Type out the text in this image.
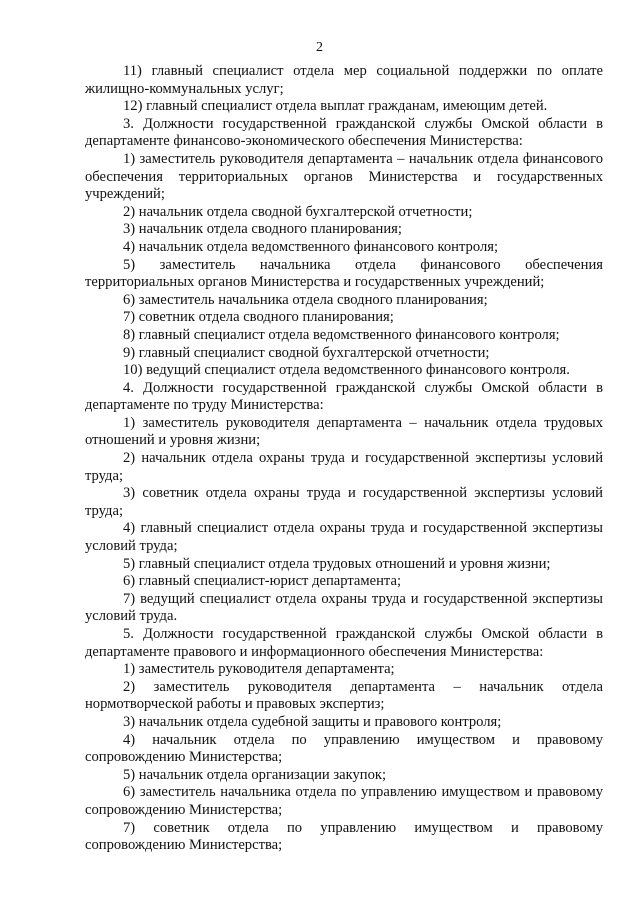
2

11) главный специалист отдела мер социальной поддержки по оплате жилищно-коммунальных услуг;

12) главный специалист отдела выплат гражданам, имеющим детей.

3. Должности государственной гражданской службы Омской области в департаменте финансово-экономического обеспечения Министерства:

1) заместитель руководителя департамента – начальник отдела финансового обеспечения территориальных органов Министерства и государственных учреждений;

2) начальник отдела сводной бухгалтерской отчетности;

3) начальник отдела сводного планирования;

4) начальник отдела ведомственного финансового контроля;

5) заместитель начальника отдела финансового обеспечения территориальных органов Министерства и государственных учреждений;

6) заместитель начальника отдела сводного планирования;

7) советник отдела сводного планирования;

8) главный специалист отдела ведомственного финансового контроля;

9) главный специалист сводной бухгалтерской отчетности;

10) ведущий специалист отдела ведомственного финансового контроля.

4. Должности государственной гражданской службы Омской области в департаменте по труду Министерства:

1) заместитель руководителя департамента – начальник отдела трудовых отношений и уровня жизни;

2) начальник отдела охраны труда и государственной экспертизы условий труда;

3) советник отдела охраны труда и государственной экспертизы условий труда;

4) главный специалист отдела охраны труда и государственной экспертизы условий труда;

5) главный специалист отдела трудовых отношений и уровня жизни;

6) главный специалист-юрист департамента;

7) ведущий специалист отдела охраны труда и государственной экспертизы условий труда.

5. Должности государственной гражданской службы Омской области в департаменте правового и информационного обеспечения Министерства:

1) заместитель руководителя департамента;

2) заместитель руководителя департамента – начальник отдела нормотворческой работы и правовых экспертиз;

3) начальник отдела судебной защиты и правового контроля;

4) начальник отдела по управлению имуществом и правовому сопровождению Министерства;

5) начальник отдела организации закупок;

6) заместитель начальника отдела по управлению имуществом и правовому сопровождению Министерства;

7) советник отдела по управлению имуществом и правовому сопровождению Министерства;
